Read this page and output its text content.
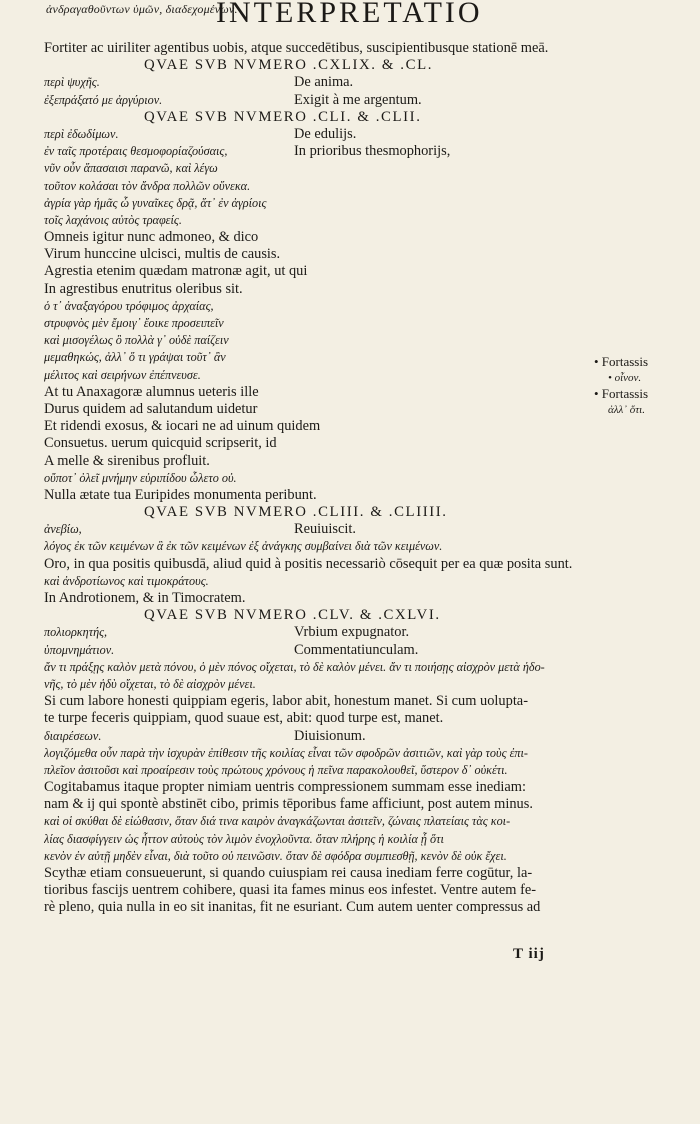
ἀνδραγαθοῦντων ὑμῶν, διαδεχομένων.
INTERPRETATIO
Fortiter ac uiriliter agentibus uobis, atque succedētibus, suscipientibusque stationē meā.
QVAE SVB NVMERO .CXLIX. & .CL.
περὶ ψυχῆς.	De anima.
ἐξεπράξατό με ἀργύριον.	Exigit à me argentum.
QVAE SVB NVMERO .CLI. & .CLII.
περὶ ἐδωδίμων.	De edulijs.
ἐν ταῖς προτέραις θεσμοφορίαζούσαις,	In prioribus thesmophorijs,
νῦν οὖν ἅπασαισι παρανῶ, καὶ λέγω
τοῦτον κολάσαι τὸν ἄνδρα πολλῶν οὕνεκα.
ἀγρία γὰρ ἡμᾶς ὦ γυναῖκες δρᾷ, ἅτ᾽ ἐν ἀγρίοις
τοῖς λαχάνοις αὐτὸς τραφείς.
Omneis igitur nunc admoneo, & dico
Virum hunccine ulcisci, multis de causis.
Agrestia etenim quædam matronæ agit, ut qui
In agrestibus enutritus oleribus sit.
ὁ τ᾽ ἀναξαγόρου τρόφιμος ἀρχαίας,
στρυφνὸς μὲν ἔμοιγ᾽ ἔοικε προσειπεῖν
καὶ μισογέλως ὃ πολλὰ γ᾽ οὐδὲ παίζειν
μεμαθηκώς, ἀλλ᾽ ὅ τι γράψαι τοῦτ᾽ ἂν
μέλιτος καὶ σειρήνων ἐπέπνευσε.
At tu Anaxagoræ alumnus ueteris ille
Durus quidem ad salutandum uidetur
Et ridendi exosus, & iocari ne ad uinum quidem
Consuetus. uerum quicquid scripserit, id
A melle & sirenibus profluit.
οὔποτ᾽ ὀλεῖ μνήμην εὐριπίδου ὦλετο οὐ.
Nulla ætate tua Euripides monumenta peribunt.
QVAE SVB NVMERO .CLIII. & .CLIIII.
ἀνεβίω,	Reuiuiscit.
λόγος ἐκ τῶν κειμένων ἃ ἐκ τῶν κειμένων ἐξ ἀνάγκης συμβαίνει διὰ τῶν κειμένων.
Oro, in qua positis quibusdā, aliud quid à positis necessariò cōsequit per ea quæ posita sunt.
καὶ ἀνδροτίωνος καὶ τιμοκράτους.
In Androtionem, & in Timocratem.
QVAE SVB NVMERO .CLV. & .CXLVI.
πολιορκητής,	Vrbium expugnator.
ὑπομνημάτιον.	Commentatiunculam.
ἄν τι πράξῃς καλὸν μετὰ πόνου, ὁ μὲν πόνος οἴχεται, τὸ δὲ καλὸν μένει. ἄν τι ποιήσῃς αἰσχρὸν μετὰ ἡδο-
νῆς, τὸ μὲν ἡδὺ οἴχεται, τὸ δὲ αἰσχρὸν μένει.
Si cum labore honesti quippiam egeris, labor abit, honestum manet. Si cum uolupta-
te turpe feceris quippiam, quod suaue est, abit: quod turpe est, manet.
διαιρέσεων.	Diuisionum.
λογιζόμεθα οὖν παρὰ τὴν ἰσχυρὰν ἐπίθεσιν τῆς κοιλίας εἶναι τῶν σφοδρῶν ἀσιτιῶν, καὶ γὰρ τοὺς ἐπι-
πλεῖον ἀσιτοῦσι καὶ προαίρεσιν τοὺς πρώτους χρόνους ἡ πεῖνα παρακολουθεῖ, ὕστερον δ᾽ οὐκέτι.
Cogitabamus itaque propter nimiam uentris compressionem summam esse inediam:
nam & ij qui spontè abstinēt cibo, primis tēporibus fame afficiunt, post autem minus.
καὶ οἱ σκύθαι δὲ εἰώθασιν, ὅταν διά τινα καιρὸν ἀναγκάζωνται ἀσιτεῖν, ζώναις πλατείαις τὰς κοι-
λίας διασφίγγειν ὡς ἧττον αὐτοὺς τὸν λιμὸν ἐνοχλοῦντα. ὅταν πλήρης ἡ κοιλία ᾖ ὅτι
κενὸν ἐν αὐτῇ μηδὲν εἶναι, διὰ τοῦτο οὐ πεινῶσιν. ὅταν δὲ σφόδρα συμπιεσθῇ, κενὸν δὲ οὐκ ἔχει.
Scythæ etiam consueuerunt, si quando cuiuspiam rei causa inediam ferre cogūtur, la-
tioribus fascijs uentrem cohibere, quasi ita fames minus eos infestet. Ventre autem fe-
rè pleno, quia nulla in eo sit inanitas, fit ne esuriant. Cum autem uenter compressus ad
• Fortassis
• οἶνον.
• Fortassis
ἀλλ᾽ ὅτι.
T iij
